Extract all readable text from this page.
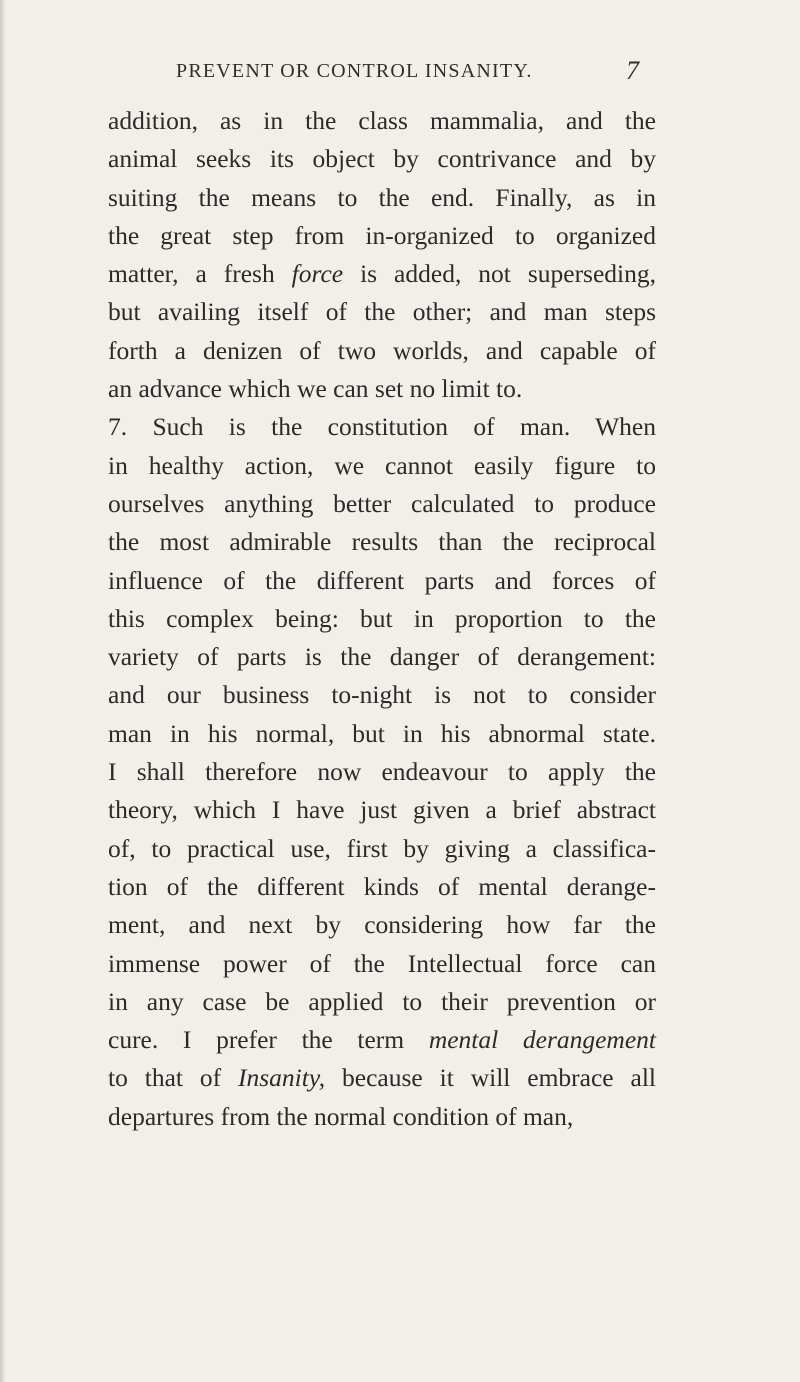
PREVENT OR CONTROL INSANITY.	7
addition, as in the class mammalia, and the
animal seeks its object by contrivance and by
suiting the means to the end. Finally, as in
the great step from in-organized to organized
matter, a fresh force is added, not superseding,
but availing itself of the other; and man steps
forth a denizen of two worlds, and capable of
an advance which we can set no limit to.
7. Such is the constitution of man. When
in healthy action, we cannot easily figure to
ourselves anything better calculated to produce
the most admirable results than the reciprocal
influence of the different parts and forces of
this complex being: but in proportion to the
variety of parts is the danger of derangement:
and our business to-night is not to consider
man in his normal, but in his abnormal state.
I shall therefore now endeavour to apply the
theory, which I have just given a brief abstract
of, to practical use, first by giving a classifica-
tion of the different kinds of mental derange-
ment, and next by considering how far the
immense power of the Intellectual force can
in any case be applied to their prevention or
cure. I prefer the term mental derangement
to that of Insanity, because it will embrace all
departures from the normal condition of man,
